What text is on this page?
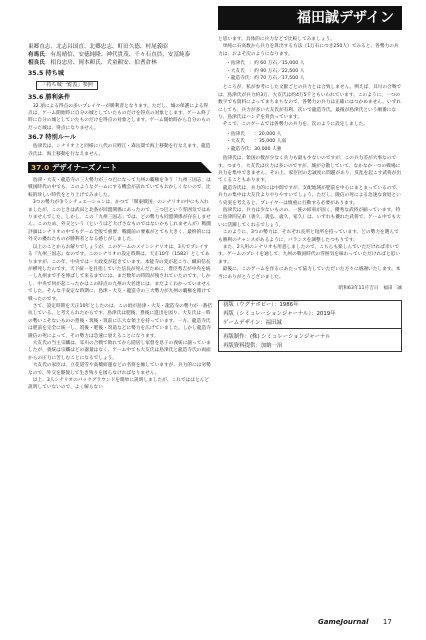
福田誠デザイン
東郷直志、北志昌国直、北郷忠志、町田久德、村尾義昭
有馬氏：有馬晴信、安徳純隆、神代貴茂、千々石直員、安冨純泰
相良氏：相良忠房、岡本頼氏、犬童頼安、伯耆倉林
35.5 持ち城
「持ち城一覧表」参照
35.6 勝利条件

32.項による得点の多いプレイヤーが勝利者となります。ただし、城の保護による得点は、ゲーム開始時に自分の城としていたものだけを得点の対象とします。ゲーム終了時に自分の城としていたものだけを得点の対象とします。ゲーム開始時から自分のものだった城は、得点になりません。

36.7 特別ルール

島津氏は、シナリオ上と同様に八代の日野江・森岳間で海上移動を行なえます。龍造寺氏は、海上移動を行なえません。

37.0 デザイナーズノート

島津・大友・龍造寺の三大勢力が三つ巴になって九州の覇権を争う「九州三国志」は戦国時代の中でも、このようなゲームにする機会が訪れていてもおかしくないので、比較的珍しい時代をとり上げてみました。

3つの勢力が争うシチュエーションは、かつて「関東戦国」のシナリオの中にも入れましたが、このときは武田と北条が同盟関係にあったので、三つ巴という雰囲気ではありませんでした。しかし、この「九州三国志」では、どの勢力も同盟関係が存在しません。このため、外交という（というほど大げさなものではないかもしれませんが）戦闘評価はシナリオの中でもゲーム全般で重要、戦闘前の要素がとても大きく、最終的には外交の優れたものが勝利者となる感じがしました。

以上のことからお解りでしょうが、このゲームのメインシナリオは、3人でプレイする『九州三国志』なのです。このシナリオの設定時期は、天正10年（1582）としてありますが、この年、中央では一大政変が起きています。本能寺の変が起こり、織田信長が横死したのです。天下統一を目指していた信長が死んだために、豊臣秀吉が中央を統一し九州まで手を伸ばして来るまでには、まだ数年の時間が残されていたのです。しかし、中央で何が起こったかはこの時点の九州の大名達には、まだよくわかっていませんでした。そんな不安定な時期に、島津・大友・龍造寺の三大勢力が九州の覇権を賭けて戦ったのです。

さて、設定時期を天正10年としたのは、この頃が島津・大友・龍造寺の勢力が一番拮抗している、と考えられたからです。島津氏は肥後、豊後に進出を図り、大友氏は一時の勢いこそないものの豊後・筑後・筑前に広大な領土を持っています。一方、龍造寺氏は肥前を完全に統一し、筑後・肥後・筑前などに勢力を広げていました。しかし龍造寺隆信の死によって、その勢力は急速に衰えることになります。

大友氏の当主宗麟は、耳川の合戦で敗れてから隠居し家督を息子の義統に譲っていましたが、義統は宗麟ほどの器量はなく、ゲーム中でも大友氏は島津氏と龍造寺氏の両面からの圧力に苦しむことになるでしょう。

大友氏の家臣は、立花道雪や高橋紹運などの名将を擁していますが、兵力的には劣勢なので、外交を駆使して生き残りを図らなければなりません。

以上、3人シナリオのバックグラウンドを簡単に説明しましたが、これではほとんど説明していないので、よく解らない

と思います。具体的に兵力などで比較してみましょう。

単純に石高数から兵力を算出する方法（1万石につき250人）でみると、各勢力の兵力は、およそ次のようになります。

・島津氏　：約 60 万石／15,000 人
・大友氏　：約 90 万石／22,500 人
・龍造寺氏：約 70 万石／17,500 人

ところが、私が参考にした文献ごとの兵力とは合致しません。例えば、耳川の合戦では、島津氏が兵力約3万、大友氏は約4万5千ともいわれています。このように、一つの数字でも資料によってまちまちなので、各勢力の兵力は正確にはつかめません。いずれにしても、兵力が多い大友氏が有利、次いで龍造寺氏、最後が島津氏という順番になり、島津氏はハンデを背負っています。

そこで、このゲームでは各勢力の兵力を、次のように設定しました。

・島津氏　　：20,000 人
・大友氏　　：35,000 人弱
・龍造寺氏：30,000 人強

島津氏は、領国の数が少なく兵力も最も少ないのですが、この兵力差が大事なのです。つまり、大友氏は兵力は多いのですが、城が分散していて、なかなか一つの戦場に兵力を集中できません。その上、家臣団の忠誠度に問題があり、反乱を起こす武将が出てくることもあります。

龍造寺氏は、兵力的には中間ですが、支配地域が肥前を中心にまとまっているので、兵力の集中は大友氏よりやりやすいでしょう。ただし、隆信の死による急速な衰退という史実を考えると、プレイヤーは慎重に行動する必要があります。

島津氏は、兵力は少ないものの、一族の結束が固く、優秀な武将が揃っています。特に島津四兄弟（義久、義弘、歳久、家久）は、いずれも優れた武将で、ゲーム中でも大いに活躍してくれるでしょう。

このように、3つの勢力は、それぞれ長所と短所を持っています。どの勢力を選んでも勝利のチャンスがあるように、バランスを調整したつもりです。

また、2人用のシナリオも用意しましたので、こちらも楽しんでいただければ幸いです。ゲームのプレイを通して、九州の戦国時代の雰囲気を味わっていただければと思います。

最後に、このゲームを作るにあたって協力していただいた方々に感謝いたします。本当にありがとうございました。

昭和63年11月吉日　福田　誠
初版（ウグナボビー）：1986年
再版（シミュレーションジャーナル）：2019年
ゲームデザイン：福田誠
再版制作：(株) シミュレーションジャーナル
再版資料提供：加納一治
GameJournal 17
